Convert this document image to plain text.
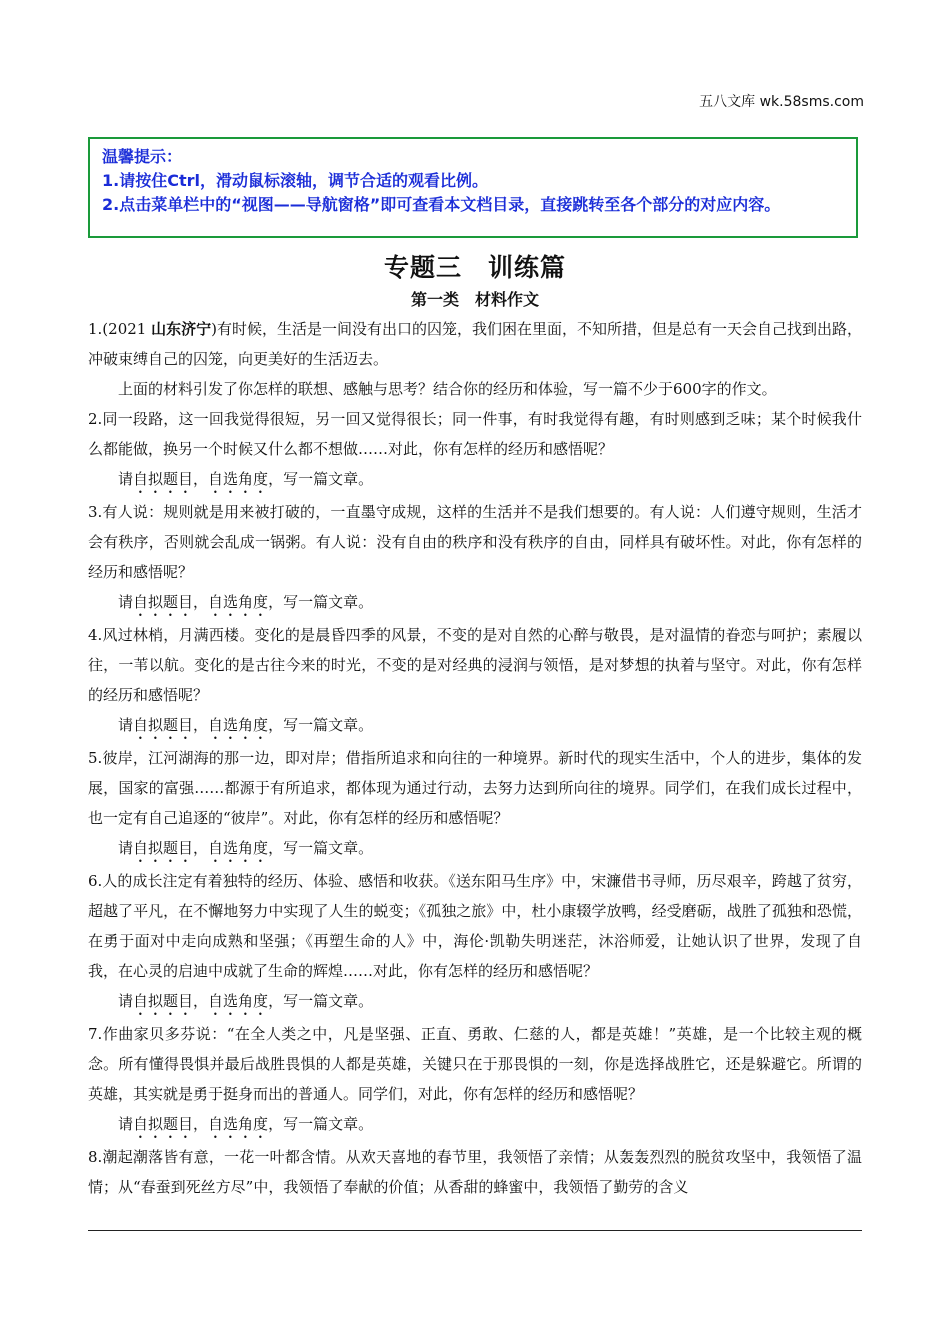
五八文库 wk.58sms.com
温馨提示：
1.请按住Ctrl，滑动鼠标滚轴，调节合适的观看比例。
2.点击菜单栏中的“视图——导航窗格”即可查看本文档目录，直接跳转至各个部分的对应内容。
专题三　训练篇
第一类　材料作文

1.(2021 山东济宁)有时候，生活是一间没有出口的囚笼，我们困在里面，不知所措，但是总有一天会自己找到出路，冲破束缚自己的囚笼，向更美好的生活迈去。

上面的材料引发了你怎样的联想、感触与思考？结合你的经历和体验，写一篇不少于600字的作文。

2.同一段路，这一回我觉得很短，另一回又觉得很长；同一件事，有时我觉得有趣，有时则感到乏味；某个时候我什么都能做，换另一个时候又什么都不想做……对此，你有怎样的经历和感悟呢？

请自拟题目，自选角度，写一篇文章。

3.有人说：规则就是用来被打破的，一直墨守成规，这样的生活并不是我们想要的。有人说：人们遵守规则，生活才会有秩序，否则就会乱成一锅粥。有人说：没有自由的秩序和没有秩序的自由，同样具有破坏性。对此，你有怎样的经历和感悟呢？

请自拟题目，自选角度，写一篇文章。

4.风过林梢，月满西楼。变化的是晨昏四季的风景，不变的是对自然的心醉与敬畏，是对温情的眷恋与呵护；素履以往，一苇以航。变化的是古往今来的时光，不变的是对经典的浸润与领悟，是对梦想的执着与坚守。对此，你有怎样的经历和感悟呢？

请自拟题目，自选角度，写一篇文章。

5.彼岸，江河湖海的那一边，即对岸；借指所追求和向往的一种境界。新时代的现实生活中，个人的进步，集体的发展，国家的富强……都源于有所追求，都体现为通过行动，去努力达到所向往的境界。同学们，在我们成长过程中，也一定有自己追逐的“彼岸”。对此，你有怎样的经历和感悟呢？

请自拟题目，自选角度，写一篇文章。

6.人的成长注定有着独特的经历、体验、感悟和收获。《送东阳马生序》中，宋濂借书寻师，历尽艰辛，跨越了贫穷，超越了平凡，在不懈地努力中实现了人生的蜕变；《孤独之旅》中，杜小康辍学放鸭，经受磨砺，战胜了孤独和恐慌，在勇于面对中走向成熟和坚强；《再塑生命的人》中，海伦·凯勒失明迷茫，沐浴师爱，让她认识了世界，发现了自我，在心灵的启迪中成就了生命的辉煌……对此，你有怎样的经历和感悟呢？

请自拟题目，自选角度，写一篇文章。

7.作曲家贝多芬说：“在全人类之中，凡是坚强、正直、勇敢、仁慈的人，都是英雄！”英雄，是一个比较主观的概念。所有懂得畏惧并最后战胜畏惧的人都是英雄，关键只在于那畏惧的一刻，你是选择战胜它，还是躲避它。所谓的英雄，其实就是勇于挺身而出的普通人。同学们，对此，你有怎样的经历和感悟呢？

请自拟题目，自选角度，写一篇文章。

8.潮起潮落皆有意，一花一叶都含情。从欢天喜地的春节里，我领悟了亲情；从轰轰烈烈的脱贫攻坚中，我领悟了温情；从“春蚕到死丝方尽”中，我领悟了奉献的价值；从香甜的蜂蜜中，我领悟了勤劳的含义
